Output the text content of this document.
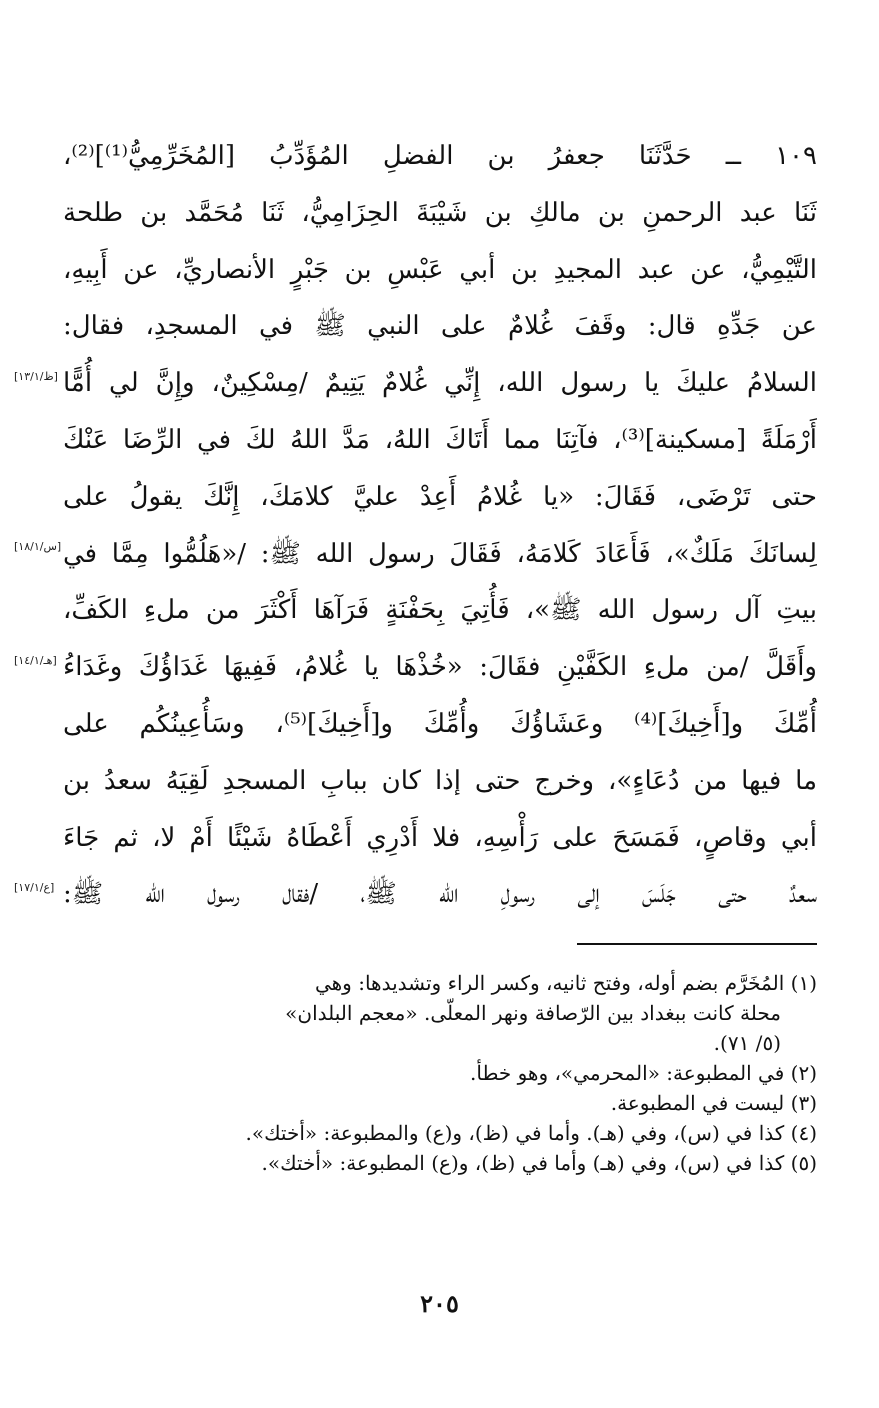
١٠٩ ــ حَدَّثَنَا جعفرُ بن الفضلِ المُؤَدِّبُ [المُخَرِّمِيُّ⁽¹⁾]⁽²⁾،
ثَنَا عبد الرحمنِ بن مالكِ بن شَيْبَةَ الحِزَامِيُّ، ثَنَا مُحَمَّد بن طلحة
التَّيْمِيُّ، عن عبد المجيدِ بن أبي عَبْسِ بن جَبْرٍ الأنصاريِّ، عن أَبِيهِ،
عن جَدِّهِ قال: وقَفَ غُلامٌ على النبي ﷺ في المسجدِ، فقال:
السلامُ عليكَ يا رسول الله، إِنِّي غُلامٌ يَتِيمٌ /مِسْكِينٌ، وإِنَّ لي أُمًّا
أَرْمَلَةً [مسكينة]⁽³⁾، فآتِنَا مما أَتَاكَ اللهُ، مَدَّ اللهُ لكَ في الرِّضَا عَنْكَ
حتى تَرْضَى، فَقَالَ: «يا غُلامُ أَعِدْ عليَّ كلامَكَ، إِنَّكَ يقولُ على
لِسانَكَ مَلَكٌ»، فَأَعَادَ كَلامَهُ، فَقَالَ رسول الله ﷺ: /«هَلُمُّوا مِمَّا في
بيتِ آل رسول الله ﷺ»، فَأُتِيَ بِحَفْنَةٍ فَرَآهَا أَكْثَرَ من ملءِ الكَفِّ،
وأَقَلَّ /من ملءِ الكَفَّيْنِ فقَالَ: «خُذْهَا يا غُلامُ، فَفِيهَا غَدَاؤُكَ وغَدَاءُ
أُمِّكَ و[أَخِيكَ]⁽⁴⁾ وعَشَاؤُكَ وأُمِّكَ و[أَخِيكَ]⁽⁵⁾، وسَأُعِينُكُم على
ما فيها من دُعَاءٍ»، وخرج حتى إذا كان ببابِ المسجدِ لَقِيَهُ سعدُ بن
أبي وقاصٍ، فَمَسَحَ على رَأْسِهِ، فلا أَدْرِي أَعْطَاهُ شَيْئًا أَمْ لا، ثم جَاءَ
سعدٌ حتى جَلَسَ إلى رسولِ الله ﷺ، /فقال رسول الله ﷺ:
[ظ/١٣/١]
[س/١٨/١]
[هـ/١٤/١]
[ع/١٧/١]
(١) المُخَرَّم بضم أوله، وفتح ثانيه، وكسر الراء وتشديدها: وهي
محلة كانت ببغداد بين الرّصافة ونهر المعلّى. «معجم البلدان»
(٥/ ٧١).
(٢) في المطبوعة: «المحرمي»، وهو خطأ.
(٣) ليست في المطبوعة.
(٤) كذا في (س)، وفي (هـ). وأما في (ظ)، و(ع) والمطبوعة: «أختك».
(٥) كذا في (س)، وفي (هـ) وأما في (ظ)، و(ع) المطبوعة: «أختك».
٢٠٥
